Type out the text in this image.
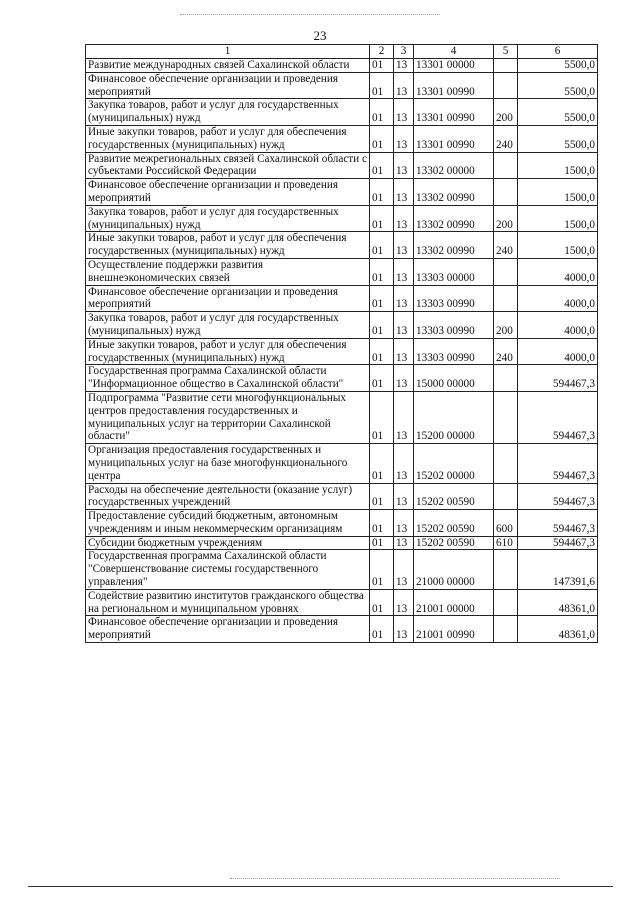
23
1	2	3	4	5	6
Развитие международных связей Сахалинской области	01	13	13301 00000		5500,0
Финансовое обеспечение организации и проведения мероприятий	01	13	13301 00990		5500,0
Закупка товаров, работ и услуг для государственных (муниципальных) нужд	01	13	13301 00990	200	5500,0
Иные закупки товаров, работ и услуг для обеспечения государственных (муниципальных) нужд	01	13	13301 00990	240	5500,0
Развитие межрегиональных связей Сахалинской области с субъектами Российской Федерации	01	13	13302 00000		1500,0
Финансовое обеспечение организации и проведения мероприятий	01	13	13302 00990		1500,0
Закупка товаров, работ и услуг для государственных (муниципальных) нужд	01	13	13302 00990	200	1500,0
Иные закупки товаров, работ и услуг для обеспечения государственных (муниципальных) нужд	01	13	13302 00990	240	1500,0
Осуществление поддержки развития внешнеэкономических связей	01	13	13303 00000		4000,0
Финансовое обеспечение организации и проведения мероприятий	01	13	13303 00990		4000,0
Закупка товаров, работ и услуг для государственных (муниципальных) нужд	01	13	13303 00990	200	4000,0
Иные закупки товаров, работ и услуг для обеспечения государственных (муниципальных) нужд	01	13	13303 00990	240	4000,0
Государственная программа Сахалинской области "Информационное общество в Сахалинской области"	01	13	15000 00000		594467,3
Подпрограмма "Развитие сети многофункциональных центров предоставления государственных и муниципальных услуг на территории Сахалинской области"	01	13	15200 00000		594467,3
Организация предоставления государственных и муниципальных услуг на базе многофункционального центра	01	13	15202 00000		594467,3
Расходы на обеспечение деятельности (оказание услуг) государственных учреждений	01	13	15202 00590		594467,3
Предоставление субсидий бюджетным, автономным учреждениям и иным некоммерческим организациям	01	13	15202 00590	600	594467,3
Субсидии бюджетным учреждениям	01	13	15202 00590	610	594467,3
Государственная программа Сахалинской области "Совершенствование системы государственного управления"	01	13	21000 00000		147391,6
Содействие развитию институтов гражданского общества на региональном и муниципальном уровнях	01	13	21001 00000		48361,0
Финансовое обеспечение организации и проведения мероприятий	01	13	21001 00990		48361,0
